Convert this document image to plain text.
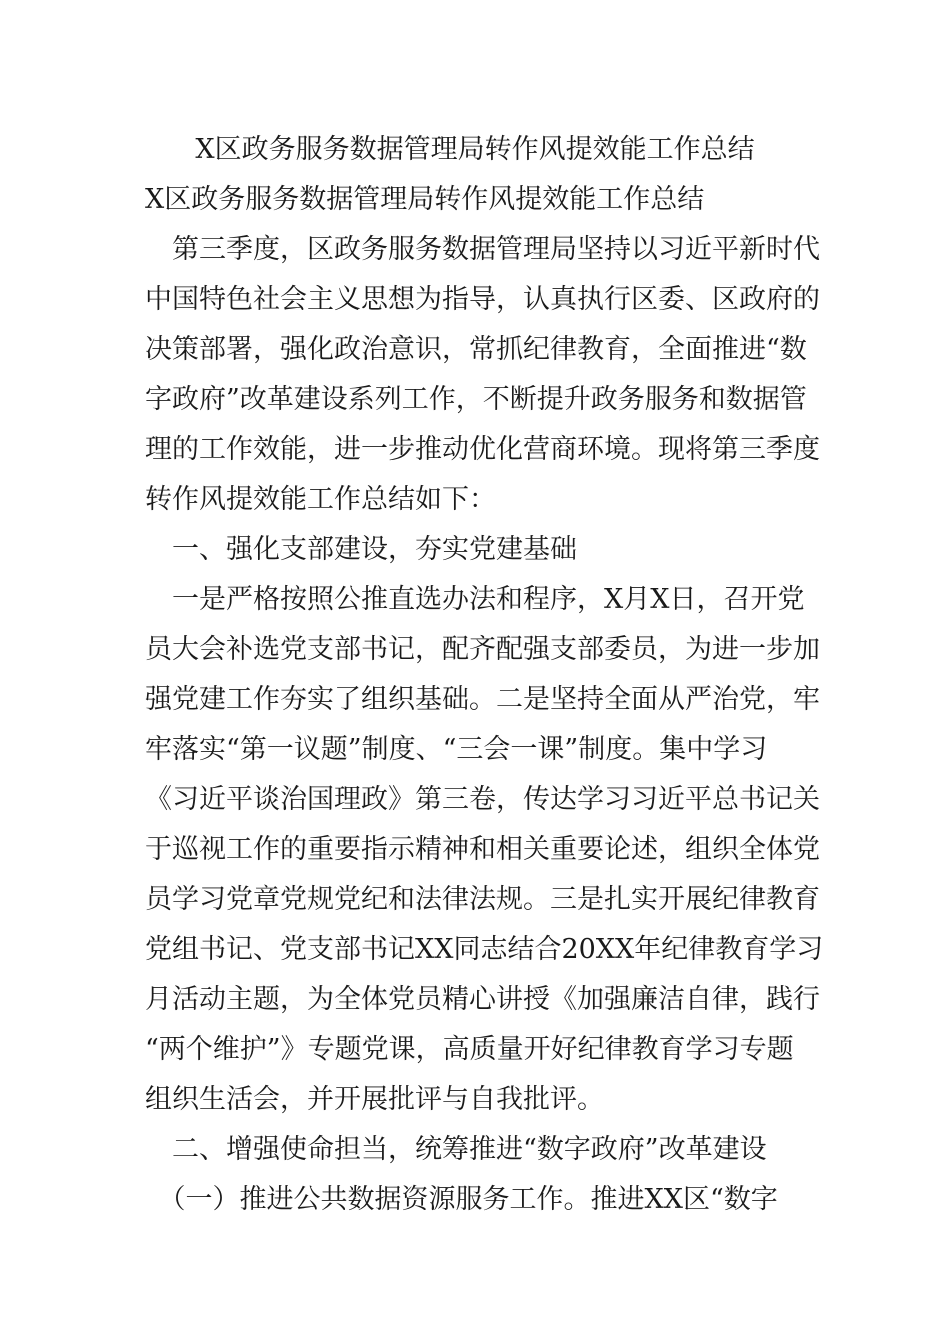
X区政务服务数据管理局转作风提效能工作总结
X区政务服务数据管理局转作风提效能工作总结
　第三季度，区政务服务数据管理局坚持以习近平新时代
中国特色社会主义思想为指导，认真执行区委、区政府的
决策部署，强化政治意识，常抓纪律教育，全面推进“数
字政府”改革建设系列工作，不断提升政务服务和数据管
理的工作效能，进一步推动优化营商环境。现将第三季度
转作风提效能工作总结如下：
　一、强化支部建设，夯实党建基础
　一是严格按照公推直选办法和程序，X月X日，召开党
员大会补选党支部书记，配齐配强支部委员，为进一步加
强党建工作夯实了组织基础。二是坚持全面从严治党，牢
牢落实“第一议题”制度、“三会一课”制度。集中学习
《习近平谈治国理政》第三卷，传达学习习近平总书记关
于巡视工作的重要指示精神和相关重要论述，组织全体党
员学习党章党规党纪和法律法规。三是扎实开展纪律教育
党组书记、党支部书记XX同志结合20XX年纪律教育学习
月活动主题，为全体党员精心讲授《加强廉洁自律，践行
“两个维护”》专题党课，高质量开好纪律教育学习专题
组织生活会，并开展批评与自我批评。
　二、增强使命担当，统筹推进“数字政府”改革建设
　（一）推进公共数据资源服务工作。推进XX区“数字
